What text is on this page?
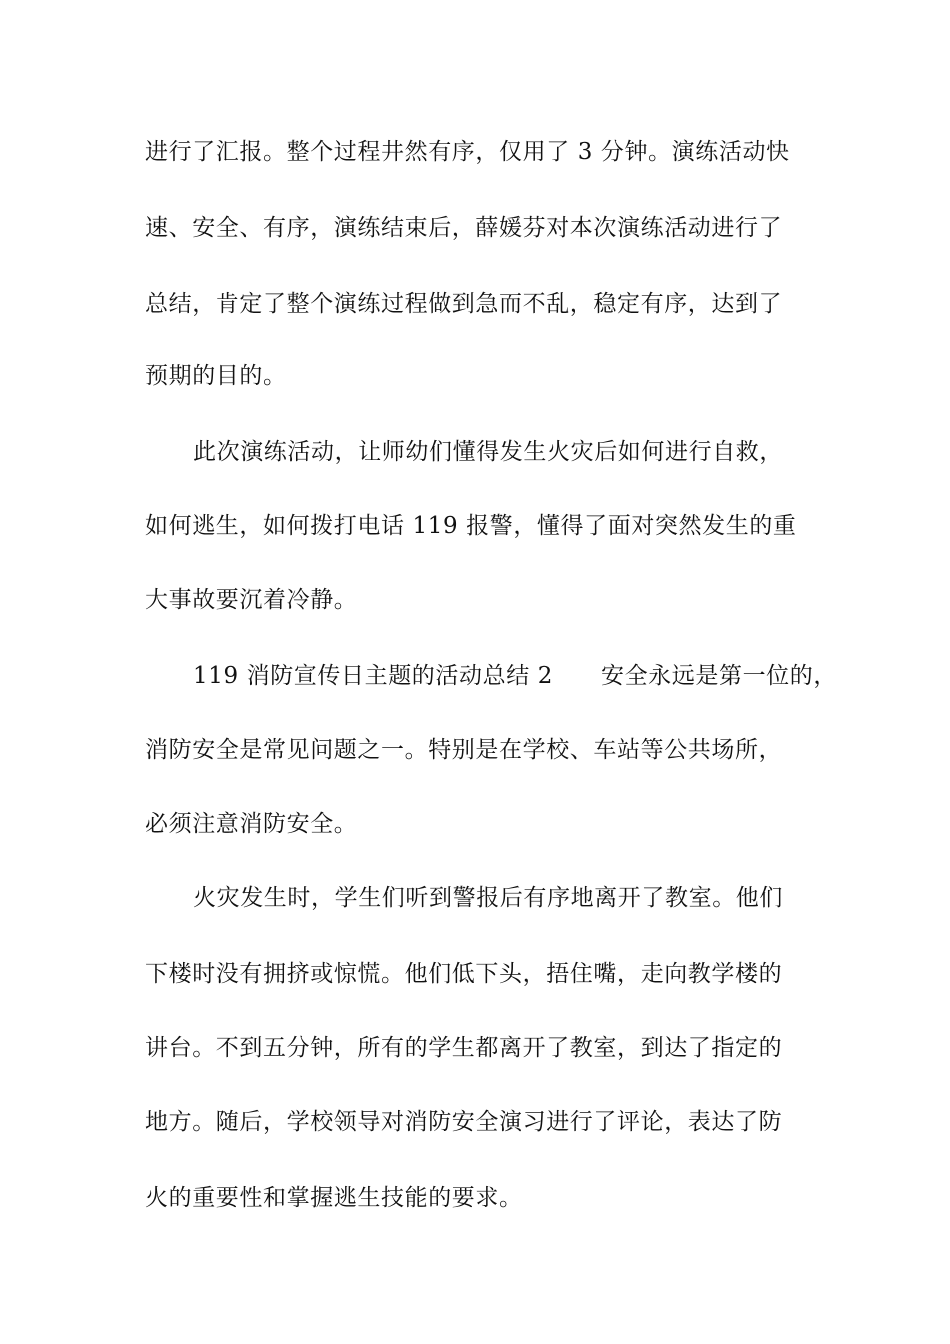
进行了汇报。整个过程井然有序，仅用了 3 分钟。演练活动快
速、安全、有序，演练结束后，薛媛芬对本次演练活动进行了
总结，肯定了整个演练过程做到急而不乱，稳定有序，达到了
预期的目的。
此次演练活动，让师幼们懂得发生火灾后如何进行自救，
如何逃生，如何拨打电话 119 报警，懂得了面对突然发生的重
大事故要沉着冷静。
119 消防宣传日主题的活动总结 2 安全永远是第一位的，
消防安全是常见问题之一。特别是在学校、车站等公共场所，
必须注意消防安全。
火灾发生时，学生们听到警报后有序地离开了教室。他们
下楼时没有拥挤或惊慌。他们低下头，捂住嘴，走向教学楼的
讲台。不到五分钟，所有的学生都离开了教室，到达了指定的
地方。随后，学校领导对消防安全演习进行了评论，表达了防
火的重要性和掌握逃生技能的要求。
